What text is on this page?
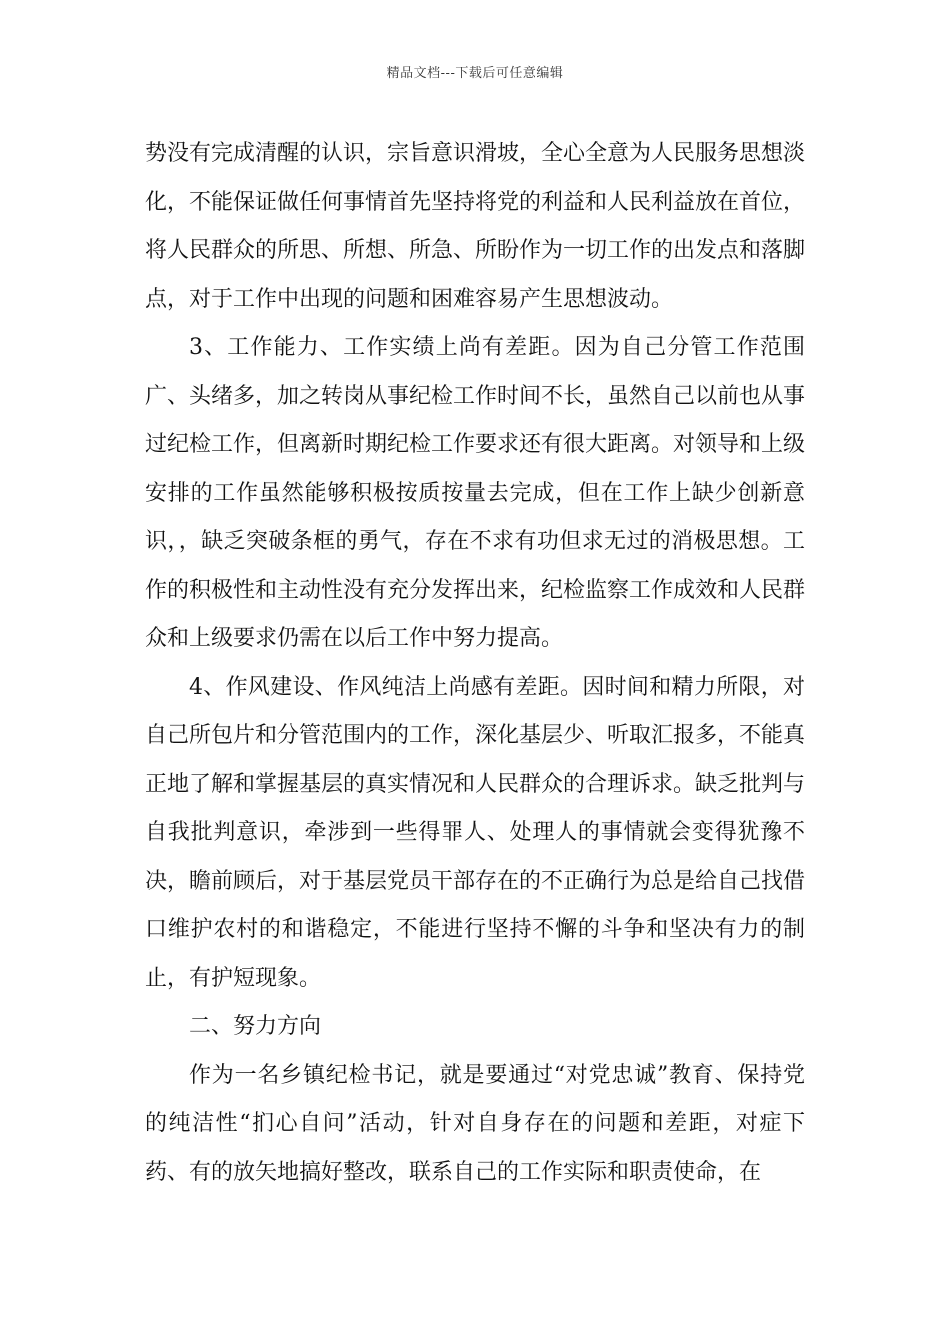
精品文档---下载后可任意编辑

势没有完成清醒的认识，宗旨意识滑坡，全心全意为人民服务思想淡化，不能保证做任何事情首先坚持将党的利益和人民利益放在首位，将人民群众的所思、所想、所急、所盼作为一切工作的出发点和落脚点，对于工作中出现的问题和困难容易产生思想波动。

3、工作能力、工作实绩上尚有差距。因为自己分管工作范围广、头绪多，加之转岗从事纪检工作时间不长，虽然自己以前也从事过纪检工作，但离新时期纪检工作要求还有很大距离。对领导和上级安排的工作虽然能够积极按质按量去完成，但在工作上缺少创新意识，，缺乏突破条框的勇气，存在不求有功但求无过的消极思想。工作的积极性和主动性没有充分发挥出来，纪检监察工作成效和人民群众和上级要求仍需在以后工作中努力提高。

4、作风建设、作风纯洁上尚感有差距。因时间和精力所限，对自己所包片和分管范围内的工作，深化基层少、听取汇报多，不能真正地了解和掌握基层的真实情况和人民群众的合理诉求。缺乏批判与自我批判意识，牵涉到一些得罪人、处理人的事情就会变得犹豫不决，瞻前顾后，对于基层党员干部存在的不正确行为总是给自己找借口维护农村的和谐稳定，不能进行坚持不懈的斗争和坚决有力的制止，有护短现象。

二、努力方向

作为一名乡镇纪检书记，就是要通过“对党忠诚”教育、保持党的纯洁性“扪心自问”活动，针对自身存在的问题和差距，对症下药、有的放矢地搞好整改，联系自己的工作实际和职责使命，在
